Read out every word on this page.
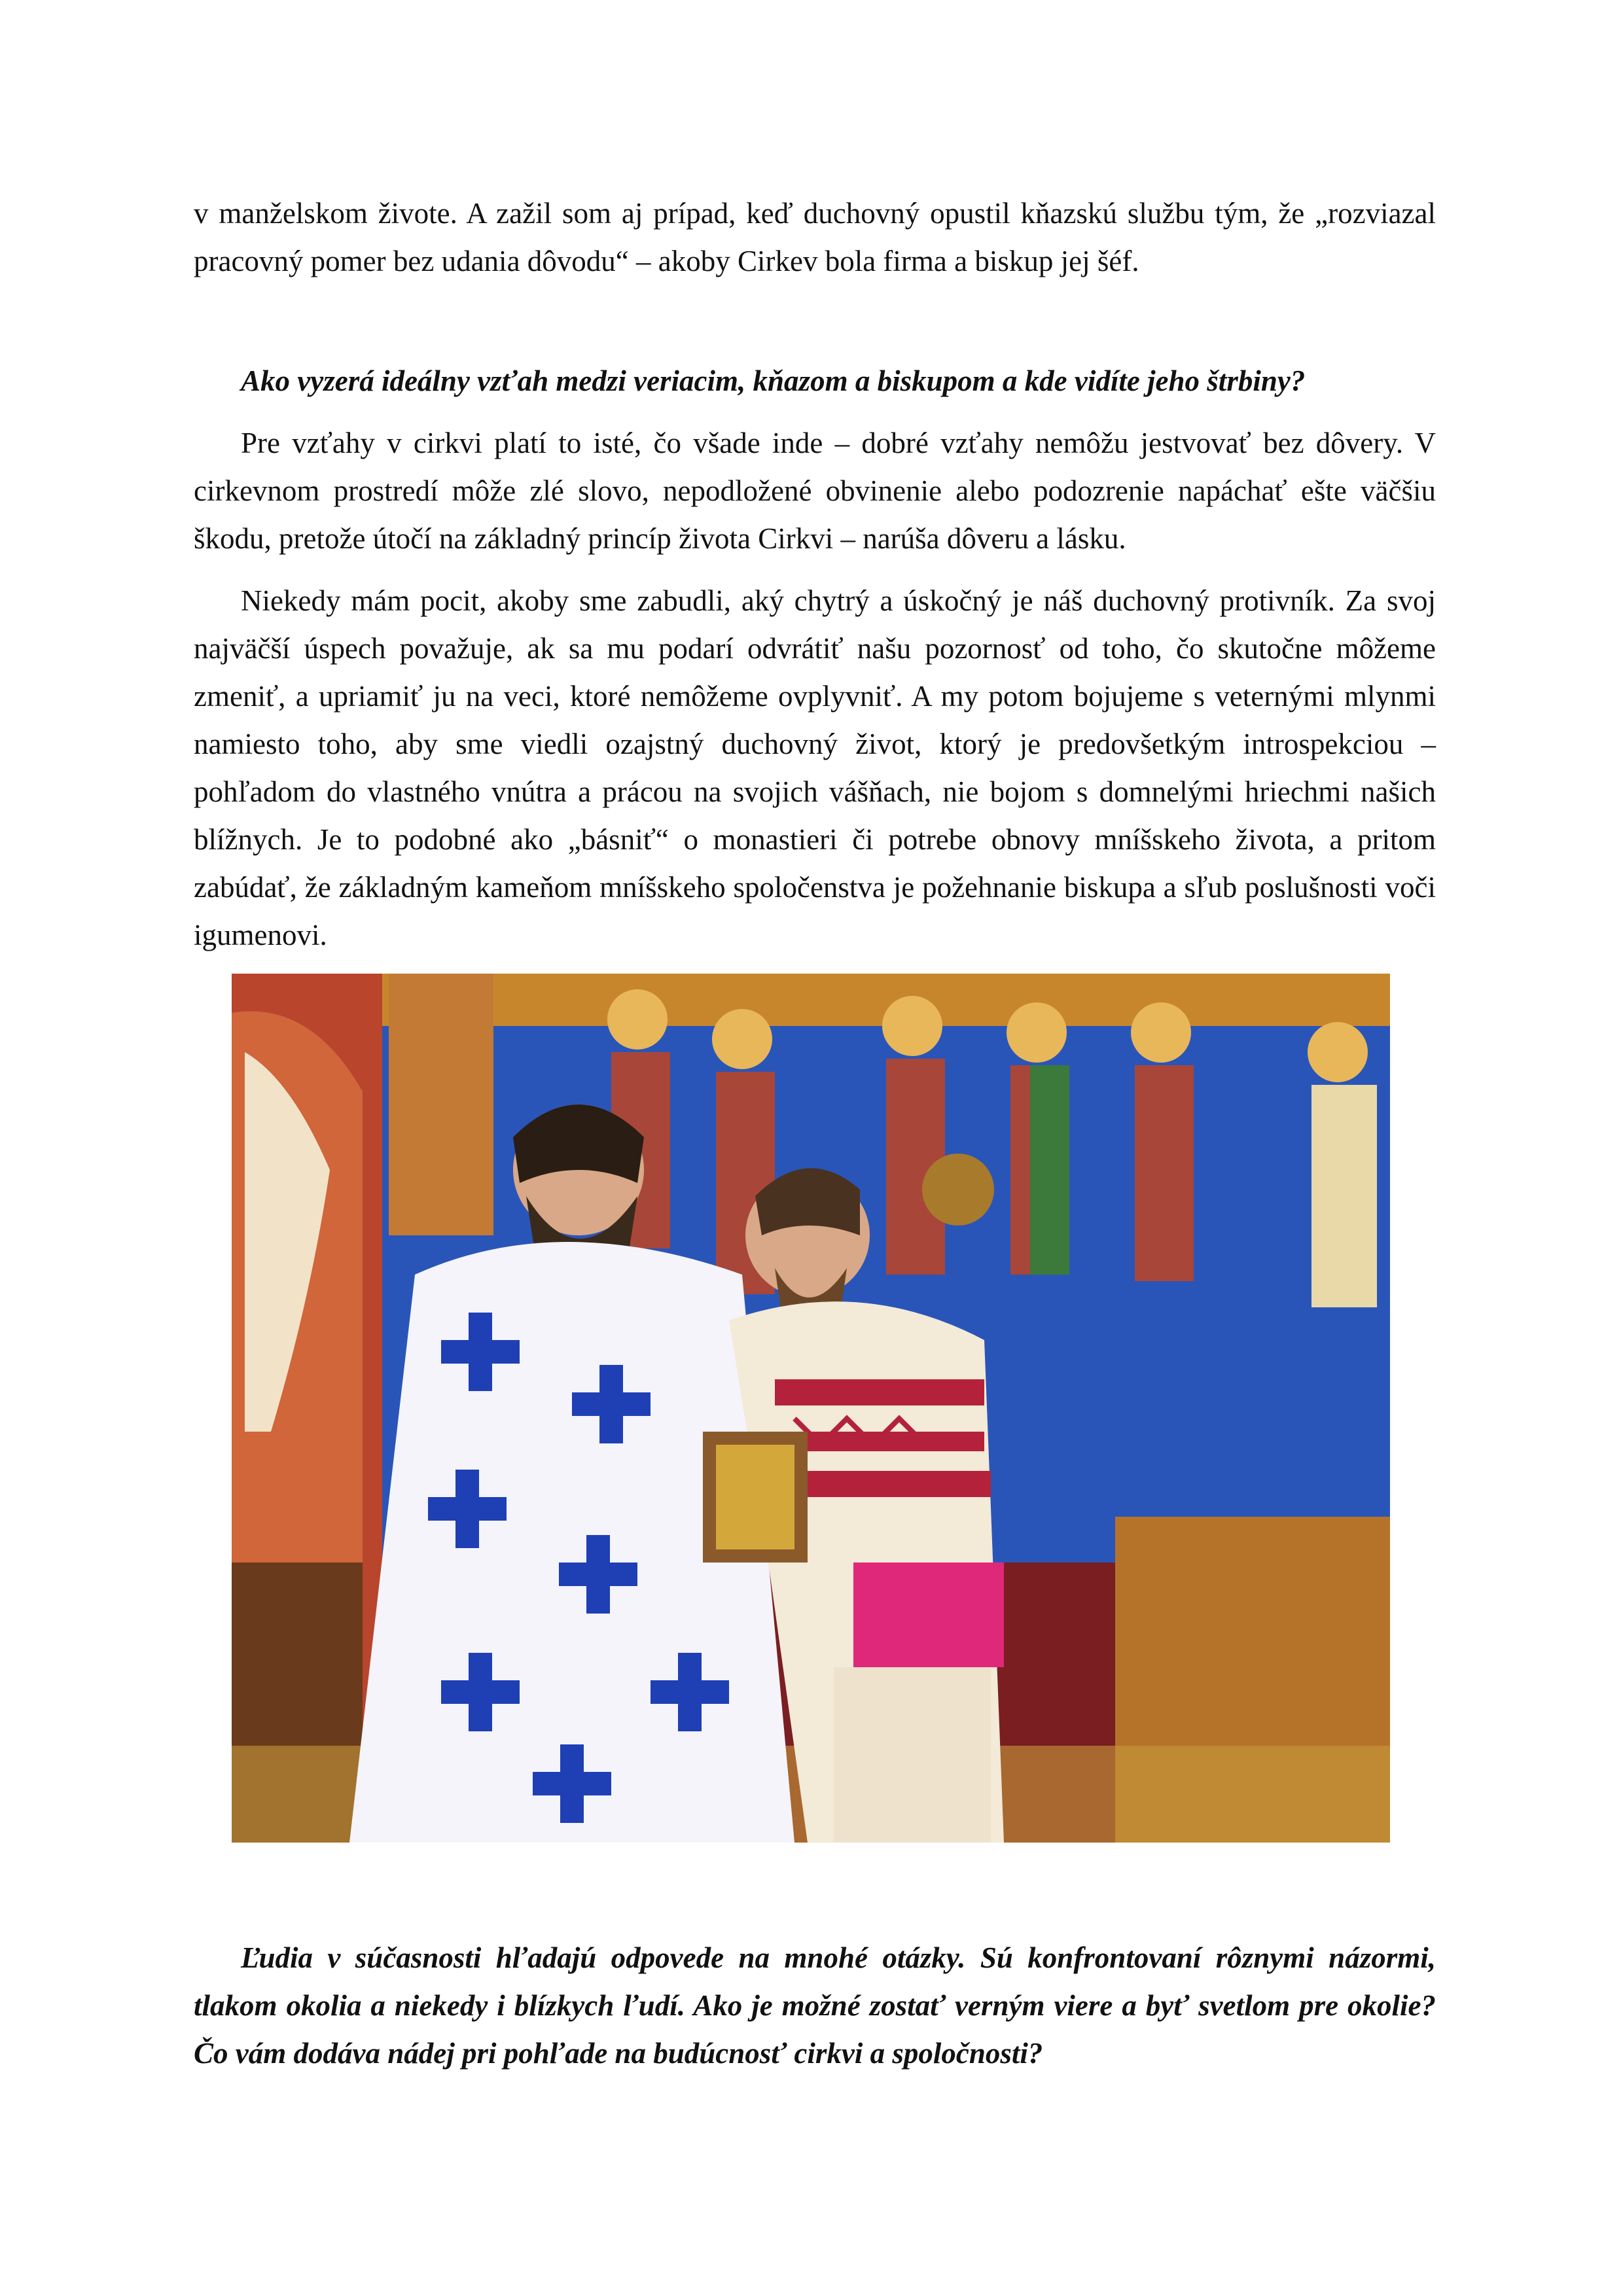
v manželskom živote. A zažil som aj prípad, keď duchovný opustil kňazskú službu tým, že „rozviazal pracovný pomer bez udania dôvodu“ – akoby Cirkev bola firma a biskup jej šéf.

Ako vyzerá ideálny vzťah medzi veriacim, kňazom a biskupom a kde vidíte jeho štrbiny?

Pre vzťahy v cirkvi platí to isté, čo všade inde – dobré vzťahy nemôžu jestvovať bez dôvery. V cirkevnom prostredí môže zlé slovo, nepodložené obvinenie alebo podozrenie napáchať ešte väčšiu škodu, pretože útočí na základný princíp života Cirkvi – narúša dôveru a lásku.

Niekedy mám pocit, akoby sme zabudli, aký chytrý a úskočný je náš duchovný protivník. Za svoj najväčší úspech považuje, ak sa mu podarí odvrátiť našu pozornosť od toho, čo skutočne môžeme zmeniť, a upriamiť ju na veci, ktoré nemôžeme ovplyvniť. A my potom bojujeme s veternými mlynmi namiesto toho, aby sme viedli ozajstný duchovný život, ktorý je predovšetkým introspekciou – pohľadom do vlastného vnútra a prácou na svojich vášňach, nie bojom s domnelými hriechmi našich blížnych. Je to podobné ako „básniť“ o monastieri či potrebe obnovy mníšskeho života, a pritom zabúdať, že základným kameňom mníšskeho spoločenstva je požehnanie biskupa a sľub poslušnosti voči igumenovi.

Ľudia v súčasnosti hľadajú odpovede na mnohé otázky. Sú konfrontovaní rôznymi názormi, tlakom okolia a niekedy i blízkych ľudí. Ako je možné zostať verným viere a byť svetlom pre okolie? Čo vám dodáva nádej pri pohľade na budúcnosť cirkvi a spoločnosti?
